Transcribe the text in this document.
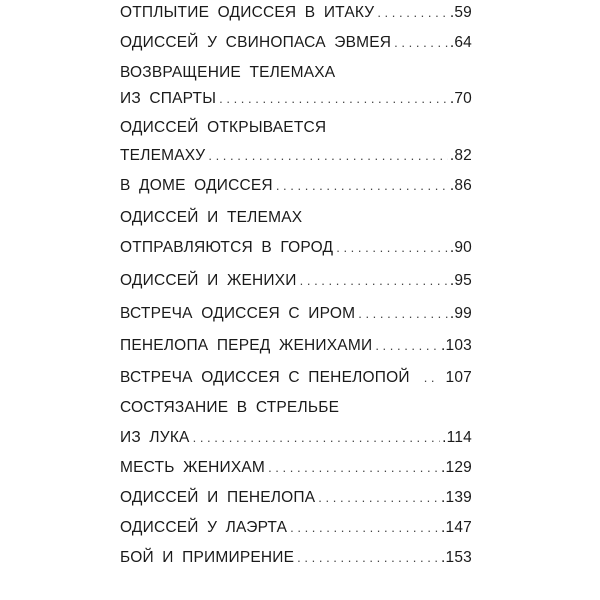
ОТПЛЫТИЕ ОДИССЕЯ В ИТАКУ . . .	.59
ОДИССЕЙ У СВИНОПАСА ЭВМЕЯ . . .	.64
ВОЗВРАЩЕНИЕ ТЕЛЕМАХА
ИЗ СПАРТЫ . . .	.70
ОДИССЕЙ ОТКРЫВАЕТСЯ
ТЕЛЕМАХУ . . .	.82
В ДОМЕ ОДИССЕЯ . . .	.86
ОДИССЕЙ И ТЕЛЕМАХ
ОТПРАВЛЯЮТСЯ В ГОРОД . . .	.90
ОДИССЕЙ И ЖЕНИХИ . . .	.95
ВСТРЕЧА ОДИССЕЯ С ИРОМ . . .	.99
ПЕНЕЛОПА ПЕРЕД ЖЕНИХАМИ . . .	.103
ВСТРЕЧА ОДИССЕЯ С ПЕНЕЛОПОЙ . . . 107
СОСТЯЗАНИЕ В СТРЕЛЬБЕ
ИЗ ЛУКА . . .	.114
МЕСТЬ ЖЕНИХАМ . . .	.129
ОДИССЕЙ И ПЕНЕЛОПА . . .	.139
ОДИССЕЙ У ЛАЭРТА . . .	.147
БОЙ И ПРИМИРЕНИЕ . . .	.153
